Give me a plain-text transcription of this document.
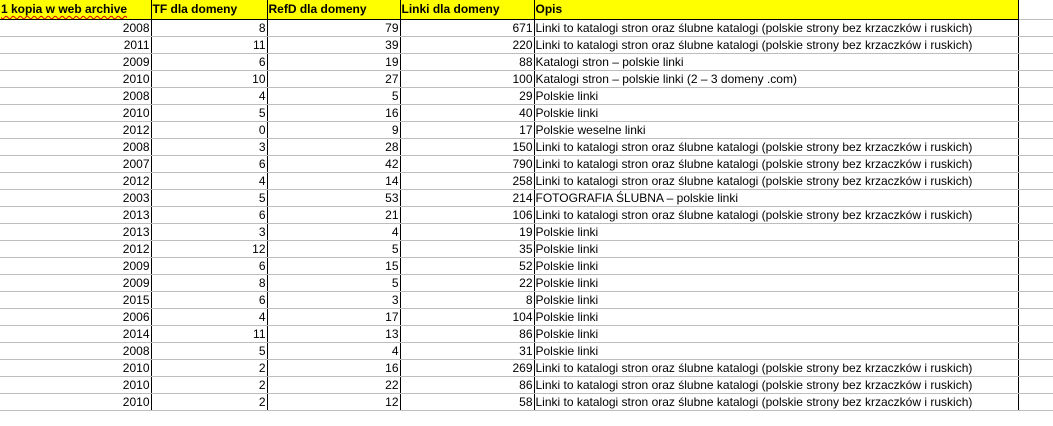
1 kopia w web archive	TF dla domeny	RefD dla domeny	Linki dla domeny	Opis	
2008	8	79	671	Linki to katalogi stron oraz ślubne katalogi (polskie strony bez krzaczków i ruskich)	
2011	11	39	220	Linki to katalogi stron oraz ślubne katalogi (polskie strony bez krzaczków i ruskich)	
2009	6	19	88	Katalogi stron – polskie linki	
2010	10	27	100	Katalogi stron – polskie linki (2 – 3 domeny .com)	
2008	4	5	29	Polskie linki	
2010	5	16	40	Polskie linki	
2012	0	9	17	Polskie weselne linki	
2008	3	28	150	Linki to katalogi stron oraz ślubne katalogi (polskie strony bez krzaczków i ruskich)	
2007	6	42	790	Linki to katalogi stron oraz ślubne katalogi (polskie strony bez krzaczków i ruskich)	
2012	4	14	258	Linki to katalogi stron oraz ślubne katalogi (polskie strony bez krzaczków i ruskich)	
2003	5	53	214	FOTOGRAFIA ŚLUBNA – polskie linki	
2013	6	21	106	Linki to katalogi stron oraz ślubne katalogi (polskie strony bez krzaczków i ruskich)	
2013	3	4	19	Polskie linki	
2012	12	5	35	Polskie linki	
2009	6	15	52	Polskie linki	
2009	8	5	22	Polskie linki	
2015	6	3	8	Polskie linki	
2006	4	17	104	Polskie linki	
2014	11	13	86	Polskie linki	
2008	5	4	31	Polskie linki	
2010	2	16	269	Linki to katalogi stron oraz ślubne katalogi (polskie strony bez krzaczków i ruskich)	
2010	2	22	86	Linki to katalogi stron oraz ślubne katalogi (polskie strony bez krzaczków i ruskich)	
2010	2	12	58	Linki to katalogi stron oraz ślubne katalogi (polskie strony bez krzaczków i ruskich)	
